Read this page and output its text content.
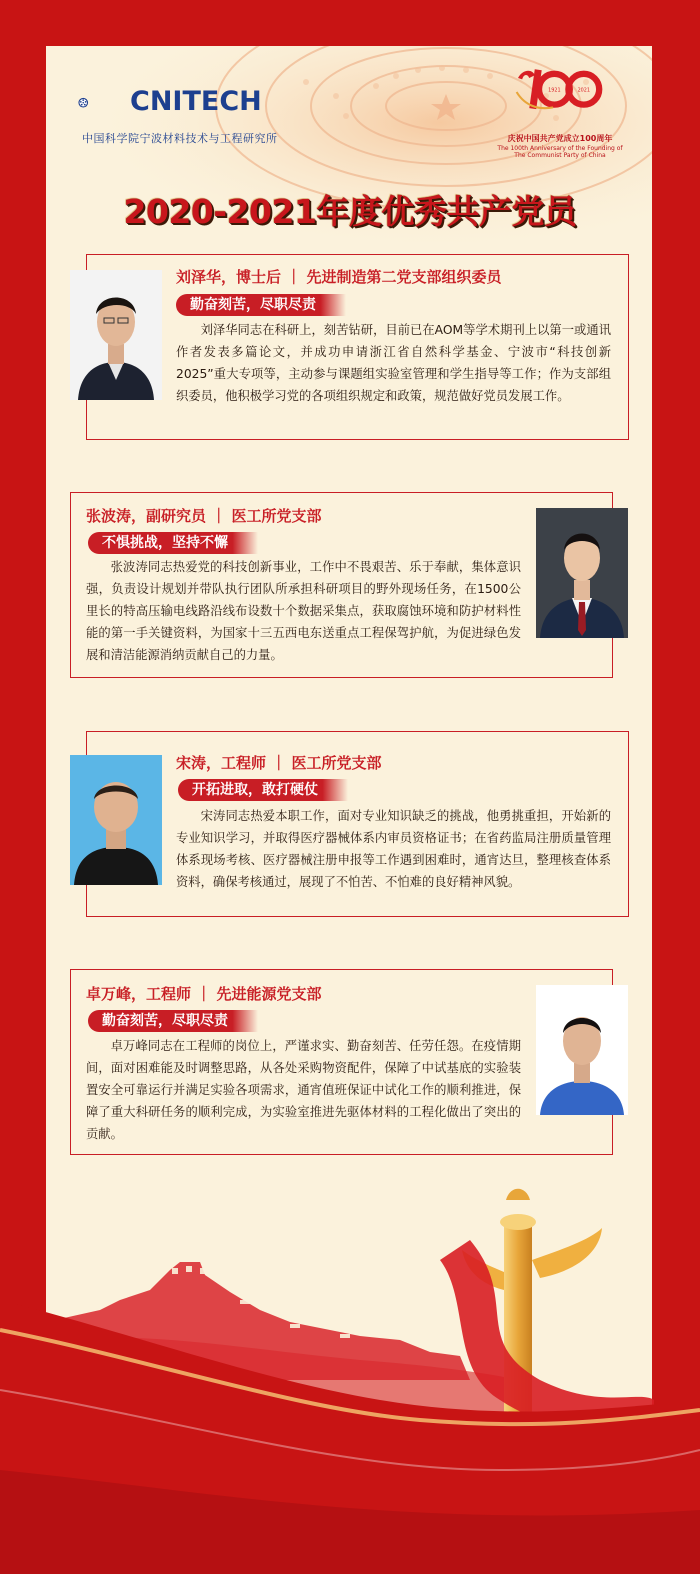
CNITECH
中国科学院宁波材料技术与工程研究所
1921 2021
庆祝中国共产党成立100周年
The 100th Anniversary of the Founding of The Communist Party of China
2020-2021年度优秀共产党员
刘泽华，博士后 ｜ 先进制造第二党支部组织委员
勤奋刻苦，尽职尽责
刘泽华同志在科研上，刻苦钻研，目前已在AOM等学术期刊上以第一或通讯作者发表多篇论文，并成功申请浙江省自然科学基金、宁波市“科技创新2025”重大专项等，主动参与课题组实验室管理和学生指导等工作；作为支部组织委员，他积极学习党的各项组织规定和政策，规范做好党员发展工作。
张波涛，副研究员 ｜ 医工所党支部
不惧挑战，坚持不懈
张波涛同志热爱党的科技创新事业，工作中不畏艰苦、乐于奉献，集体意识强，负责设计规划并带队执行团队所承担科研项目的野外现场任务，在1500公里长的特高压输电线路沿线布设数十个数据采集点，获取腐蚀环境和防护材料性能的第一手关键资料，为国家十三五西电东送重点工程保驾护航，为促进绿色发展和清洁能源消纳贡献自己的力量。
宋涛，工程师 ｜ 医工所党支部
开拓进取，敢打硬仗
宋涛同志热爱本职工作，面对专业知识缺乏的挑战，他勇挑重担，开始新的专业知识学习，并取得医疗器械体系内审员资格证书；在省药监局注册质量管理体系现场考核、医疗器械注册申报等工作遇到困难时，通宵达旦，整理核查体系资料，确保考核通过，展现了不怕苦、不怕难的良好精神风貌。
卓万峰，工程师 ｜ 先进能源党支部
勤奋刻苦，尽职尽责
卓万峰同志在工程师的岗位上，严谨求实、勤奋刻苦、任劳任怨。在疫情期间，面对困难能及时调整思路，从各处采购物资配件，保障了中试基底的实验装置安全可靠运行并满足实验各项需求，通宵值班保证中试化工作的顺利推进，保障了重大科研任务的顺利完成，为实验室推进先驱体材料的工程化做出了突出的贡献。
